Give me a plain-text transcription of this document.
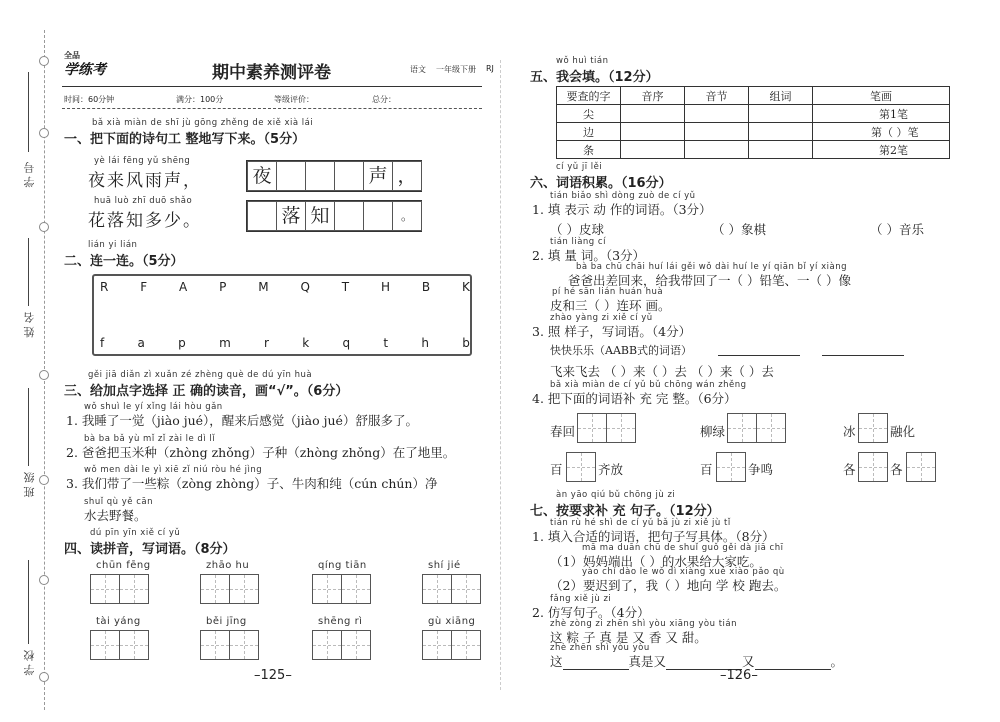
学 号
姓 名
班 级
学 校
全品
学练考	期中素养测评卷	语文 一年级下册 RJ
时间：60分钟	满分：100分	等级评价：	总分：
bǎ xià miàn de shī jù gōng zhěng de xiě xià lái
一、把下面的诗句工 整地写下来。（5分）
yè lái fēng yǔ shēng
夜来风雨声，
huā luò zhī duō shǎo
花落知多少。
夜	声 ，
落 知	。
lián yi lián
二、连一连。（5分）
R	F	A	P	M	Q	T	H	B	K
f	a	p	m	r	k	q	t	h	b
gěi jiā diǎn zì xuǎn zé zhèng què de dú yīn huà
三、给加点字选择 正 确的读音，画“√”。（6分）
wǒ shuì le yí xǐng lái hòu gǎn
1. 我睡了一觉（jiào jué），醒来后感觉（jiào jué）舒服多了。
bà ba bǎ yù mǐ zǐ zài le dì lǐ
2. 爸爸把玉米种（zhòng zhǒng）子种（zhòng zhǒng）在了地里。
wǒ men dài le yì xiē zǐ niú ròu hé jìng
3. 我们带了一些粽（zòng zhòng）子、牛肉和纯（cún chún）净
shuǐ qù yě cān
水去野餐。
dú pīn yīn xiě cí yǔ
四、读拼音，写词语。（8分）
chūn fēng	zhāo hu	qíng tiān	shí jié
tài yáng	běi jīng	shēng rì	gù xiāng
–125–
wǒ huì tián
五、我会填。（12分）
要查的字	音序	音节	组词	笔画
尖				第1笔
边				第（ ）笔
条				第2笔
cí yǔ jī lěi
六、词语积累。（16分）
tián biǎo shì dòng zuò de cí yǔ
1. 填 表示 动 作的词语。（3分）
（ ）皮球	（ ）象棋	（ ）音乐
tián liàng cí
2. 填 量 词。（3分）
bà ba chū chāi huí lái gěi wǒ dài huí le yí qiān bǐ yí xiàng
爸爸出差回来，给我带回了一（ ）铅笔、一（ ）像
pí hé sān lián huán huà
皮和三（ ）连环 画。
zhào yàng zi xiě cí yǔ
3. 照 样子，写词语。（4分）
快快乐乐（AABB式的词语）
飞来飞去 （ ）来（ ）去 （ ）来（ ）去
bǎ xià miàn de cí yǔ bǔ chōng wán zhěng
4. 把下面的词语补 充 完 整。（6分）
春回	柳绿	冰	融化
百	齐放	百	争鸣	各	各
àn yāo qiú bǔ chōng jù zi
七、按要求补 充 句子。（12分）
tián rù hé shì de cí yǔ bǎ jù zi xiě jù tǐ
1. 填入合适的词语，把句子写具体。（8分）
mā ma duān chū de shuǐ guǒ gěi dà jiā chī
（1）妈妈端出（ ）的水果给大家吃。
yào chí dào le wǒ dì xiàng xué xiào pǎo qù
（2）要迟到了，我（ ）地向 学 校 跑去。
fǎng xiě jù zi
2. 仿写句子。（4分）
zhè zòng zi zhēn shì yòu xiāng yòu tián
这 粽 子 真 是 又 香 又 甜。
zhè zhēn shì yòu yòu
这	真是又	又	。
–126–
